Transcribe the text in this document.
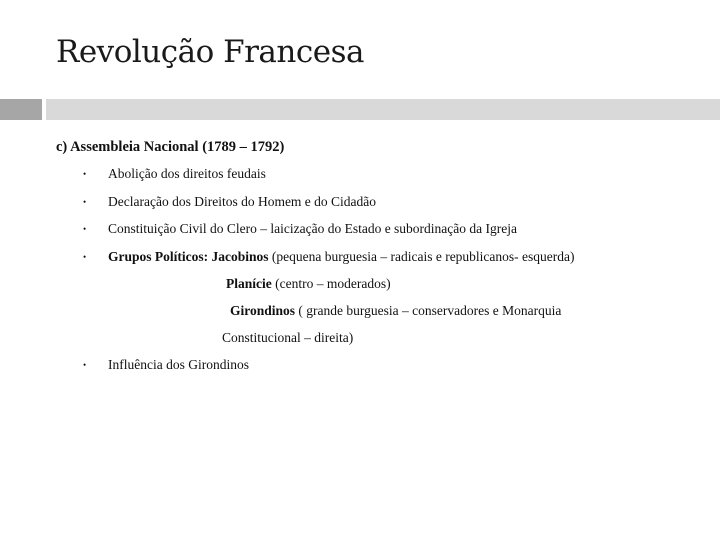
Revolução Francesa
c) Assembleia Nacional (1789 – 1792)
• Abolição dos direitos feudais
• Declaração dos Direitos do Homem e do Cidadão
• Constituição Civil do Clero – laicização do Estado e subordinação da Igreja
• Grupos Políticos: Jacobinos (pequena burguesia – radicais e republicanos- esquerda)
Planície (centro – moderados)
Girondinos ( grande burguesia – conservadores e Monarquia
Constitucional – direita)
• Influência dos Girondinos
